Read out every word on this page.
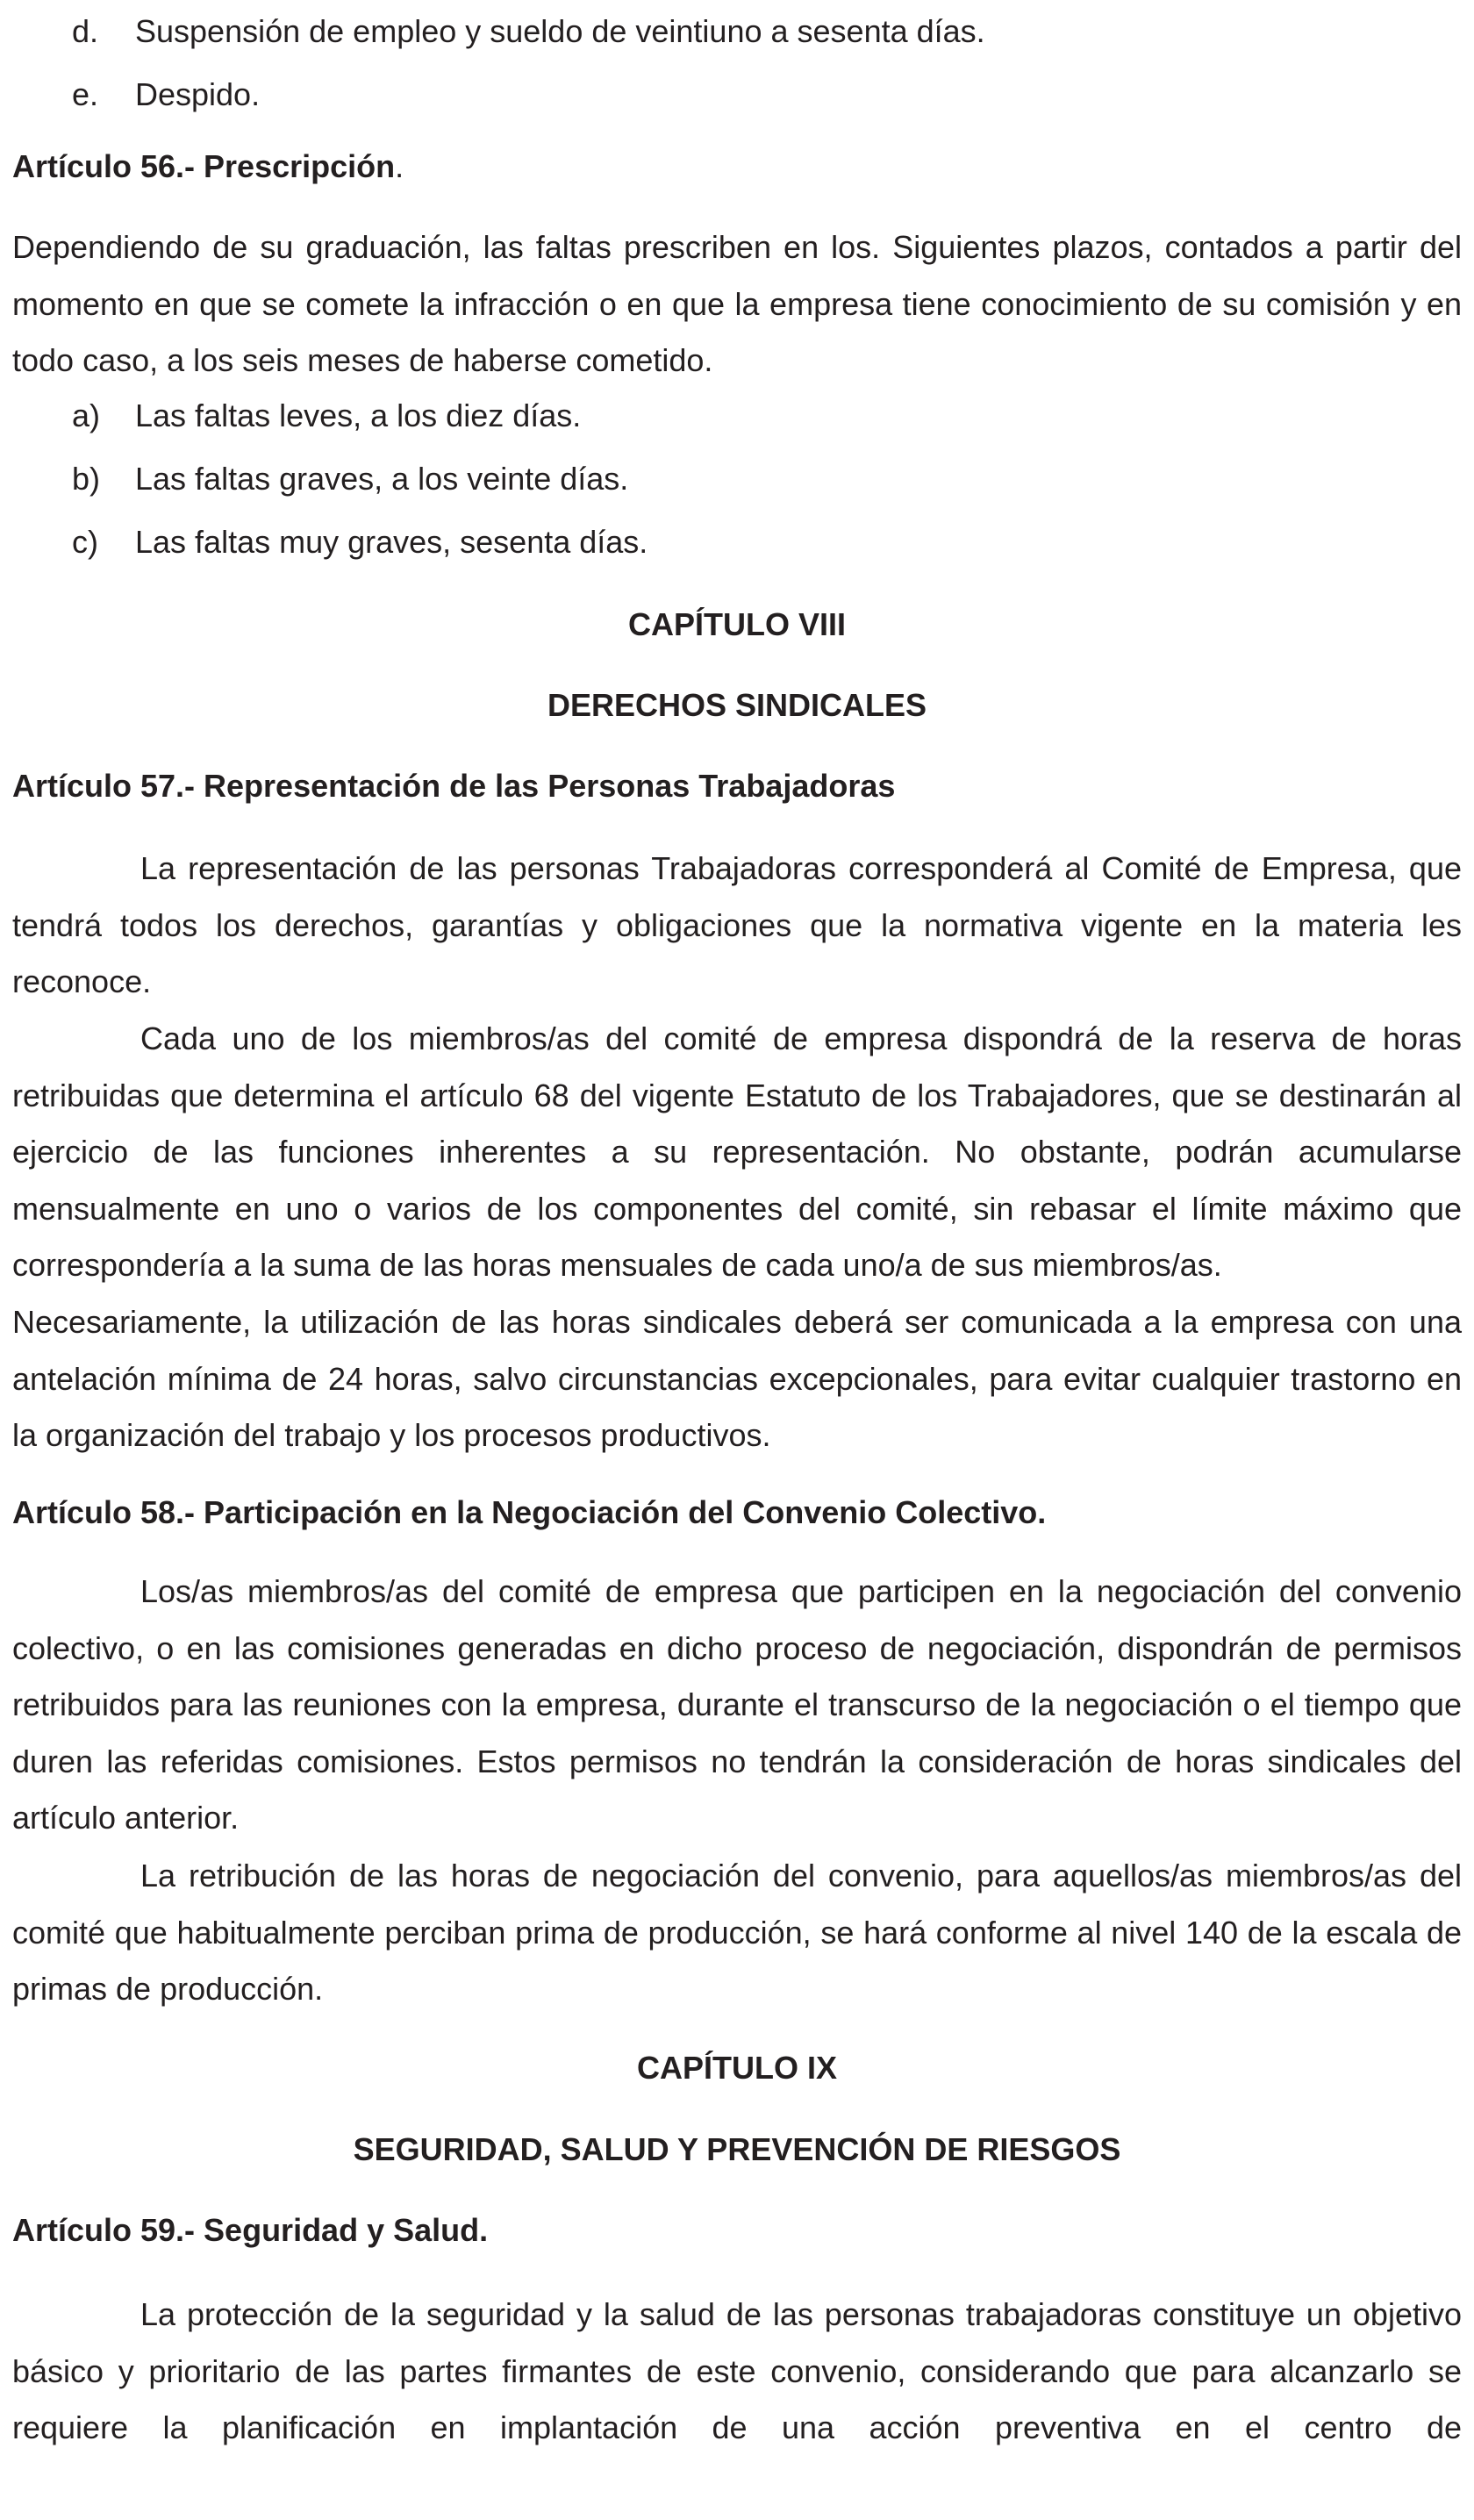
d. Suspensión de empleo y sueldo de veintiuno a sesenta días.
e. Despido.
Artículo 56.- Prescripción.

Dependiendo de su graduación, las faltas prescriben en los. Siguientes plazos, contados a partir del momento en que se comete la infracción o en que la empresa tiene conocimiento de su comisión y en todo caso, a los seis meses de haberse cometido.

a) Las faltas leves, a los diez días.
b) Las faltas graves, a los veinte días.
c) Las faltas muy graves, sesenta días.
CAPÍTULO VIII
DERECHOS SINDICALES
Artículo 57.- Representación de las Personas Trabajadoras

La representación de las personas Trabajadoras corresponderá al Comité de Empresa, que tendrá todos los derechos, garantías y obligaciones que la normativa vigente en la materia les reconoce.

Cada uno de los miembros/as del comité de empresa dispondrá de la reserva de horas retribuidas que determina el artículo 68 del vigente Estatuto de los Trabajadores, que se destinarán al ejercicio de las funciones inherentes a su representación. No obstante, podrán acumularse mensualmente en uno o varios de los componentes del comité, sin rebasar el límite máximo que correspondería a la suma de las horas mensuales de cada uno/a de sus miembros/as.

Necesariamente, la utilización de las horas sindicales deberá ser comunicada a la empresa con una antelación mínima de 24 horas, salvo circunstancias excepcionales, para evitar cualquier trastorno en la organización del trabajo y los procesos productivos.

Artículo 58.- Participación en la Negociación del Convenio Colectivo.

Los/as miembros/as del comité de empresa que participen en la negociación del convenio colectivo, o en las comisiones generadas en dicho proceso de negociación, dispondrán de permisos retribuidos para las reuniones con la empresa, durante el transcurso de la negociación o el tiempo que duren las referidas comisiones. Estos permisos no tendrán la consideración de horas sindicales del artículo anterior.

La retribución de las horas de negociación del convenio, para aquellos/as miembros/as del comité que habitualmente perciban prima de producción, se hará conforme al nivel 140 de la escala de primas de producción.

CAPÍTULO IX
SEGURIDAD, SALUD Y PREVENCIÓN DE RIESGOS
Artículo 59.- Seguridad y Salud.

La protección de la seguridad y la salud de las personas trabajadoras constituye un objetivo básico y prioritario de las partes firmantes de este convenio, considerando que para alcanzarlo se requiere la planificación en implantación de una acción preventiva en el centro de
